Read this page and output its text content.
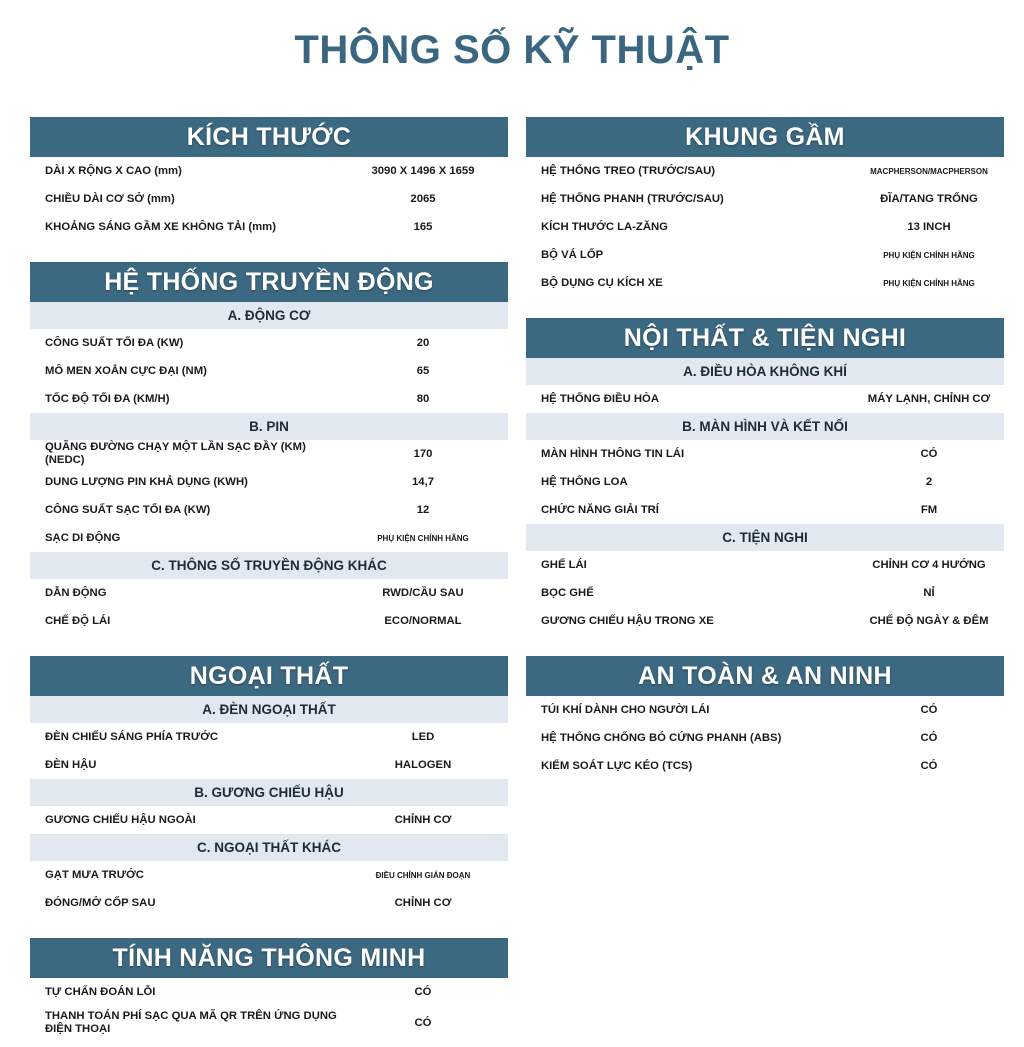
THÔNG SỐ KỸ THUẬT
KÍCH THƯỚC
DÀI X RỘNG X CAO (mm)	3090 X 1496 X 1659
CHIỀU DÀI CƠ SỞ (mm)	2065
KHOẢNG SÁNG GẦM XE KHÔNG TẢI (mm)	165
HỆ THỐNG TRUYỀN ĐỘNG
A. ĐỘNG CƠ
CÔNG SUẤT TỐI ĐA (KW)	20
MÔ MEN XOẮN CỰC ĐẠI (NM)	65
TỐC ĐỘ TỐI ĐA (KM/H)	80
B. PIN
QUÃNG ĐƯỜNG CHẠY MỘT LẦN SẠC ĐẦY (KM) (NEDC)	170
DUNG LƯỢNG PIN KHẢ DỤNG (KWH)	14,7
CÔNG SUẤT SẠC TỐI ĐA (KW)	12
SẠC DI ĐỘNG	PHỤ KIỆN CHÍNH HÃNG
C. THÔNG SỐ TRUYỀN ĐỘNG KHÁC
DẪN ĐỘNG	RWD/CẦU SAU
CHẾ ĐỘ LÁI	ECO/NORMAL
NGOẠI THẤT
A. ĐÈN NGOẠI THẤT
ĐÈN CHIẾU SÁNG PHÍA TRƯỚC	LED
ĐÈN HẬU	HALOGEN
B. GƯƠNG CHIẾU HẬU
GƯƠNG CHIẾU HẬU NGOÀI	CHỈNH CƠ
C. NGOẠI THẤT KHÁC
GẠT MƯA TRƯỚC	ĐIỀU CHỈNH GIÁN ĐOẠN
ĐÓNG/MỞ CỐP SAU	CHỈNH CƠ
TÍNH NĂNG THÔNG MINH
TỰ CHẨN ĐOÁN LỖI	CÓ
THANH TOÁN PHÍ SẠC QUA MÃ QR TRÊN ỨNG DỤNG ĐIỆN THOẠI	CÓ
KHUNG GẦM
HỆ THỐNG TREO (TRƯỚC/SAU)	MACPHERSON/MACPHERSON
HỆ THỐNG PHANH (TRƯỚC/SAU)	ĐĨA/TANG TRỐNG
KÍCH THƯỚC LA-ZĂNG	13 INCH
BỘ VÁ LỐP	PHỤ KIỆN CHÍNH HÃNG
BỘ DỤNG CỤ KÍCH XE	PHỤ KIỆN CHÍNH HÃNG
NỘI THẤT & TIỆN NGHI
A. ĐIỀU HÒA KHÔNG KHÍ
HỆ THỐNG ĐIỀU HÒA	MÁY LẠNH, CHỈNH CƠ
B. MÀN HÌNH VÀ KẾT NỐI
MÀN HÌNH THÔNG TIN LÁI	CÓ
HỆ THỐNG LOA	2
CHỨC NĂNG GIẢI TRÍ	FM
C. TIỆN NGHI
GHẾ LÁI	CHỈNH CƠ 4 HƯỚNG
BỌC GHẾ	NỈ
GƯƠNG CHIẾU HẬU TRONG XE	CHẾ ĐỘ NGÀY & ĐÊM
AN TOÀN & AN NINH
TÚI KHÍ DÀNH CHO NGƯỜI LÁI	CÓ
HỆ THỐNG CHỐNG BÓ CỨNG PHANH (ABS)	CÓ
KIỂM SOÁT LỰC KÉO (TCS)	CÓ
